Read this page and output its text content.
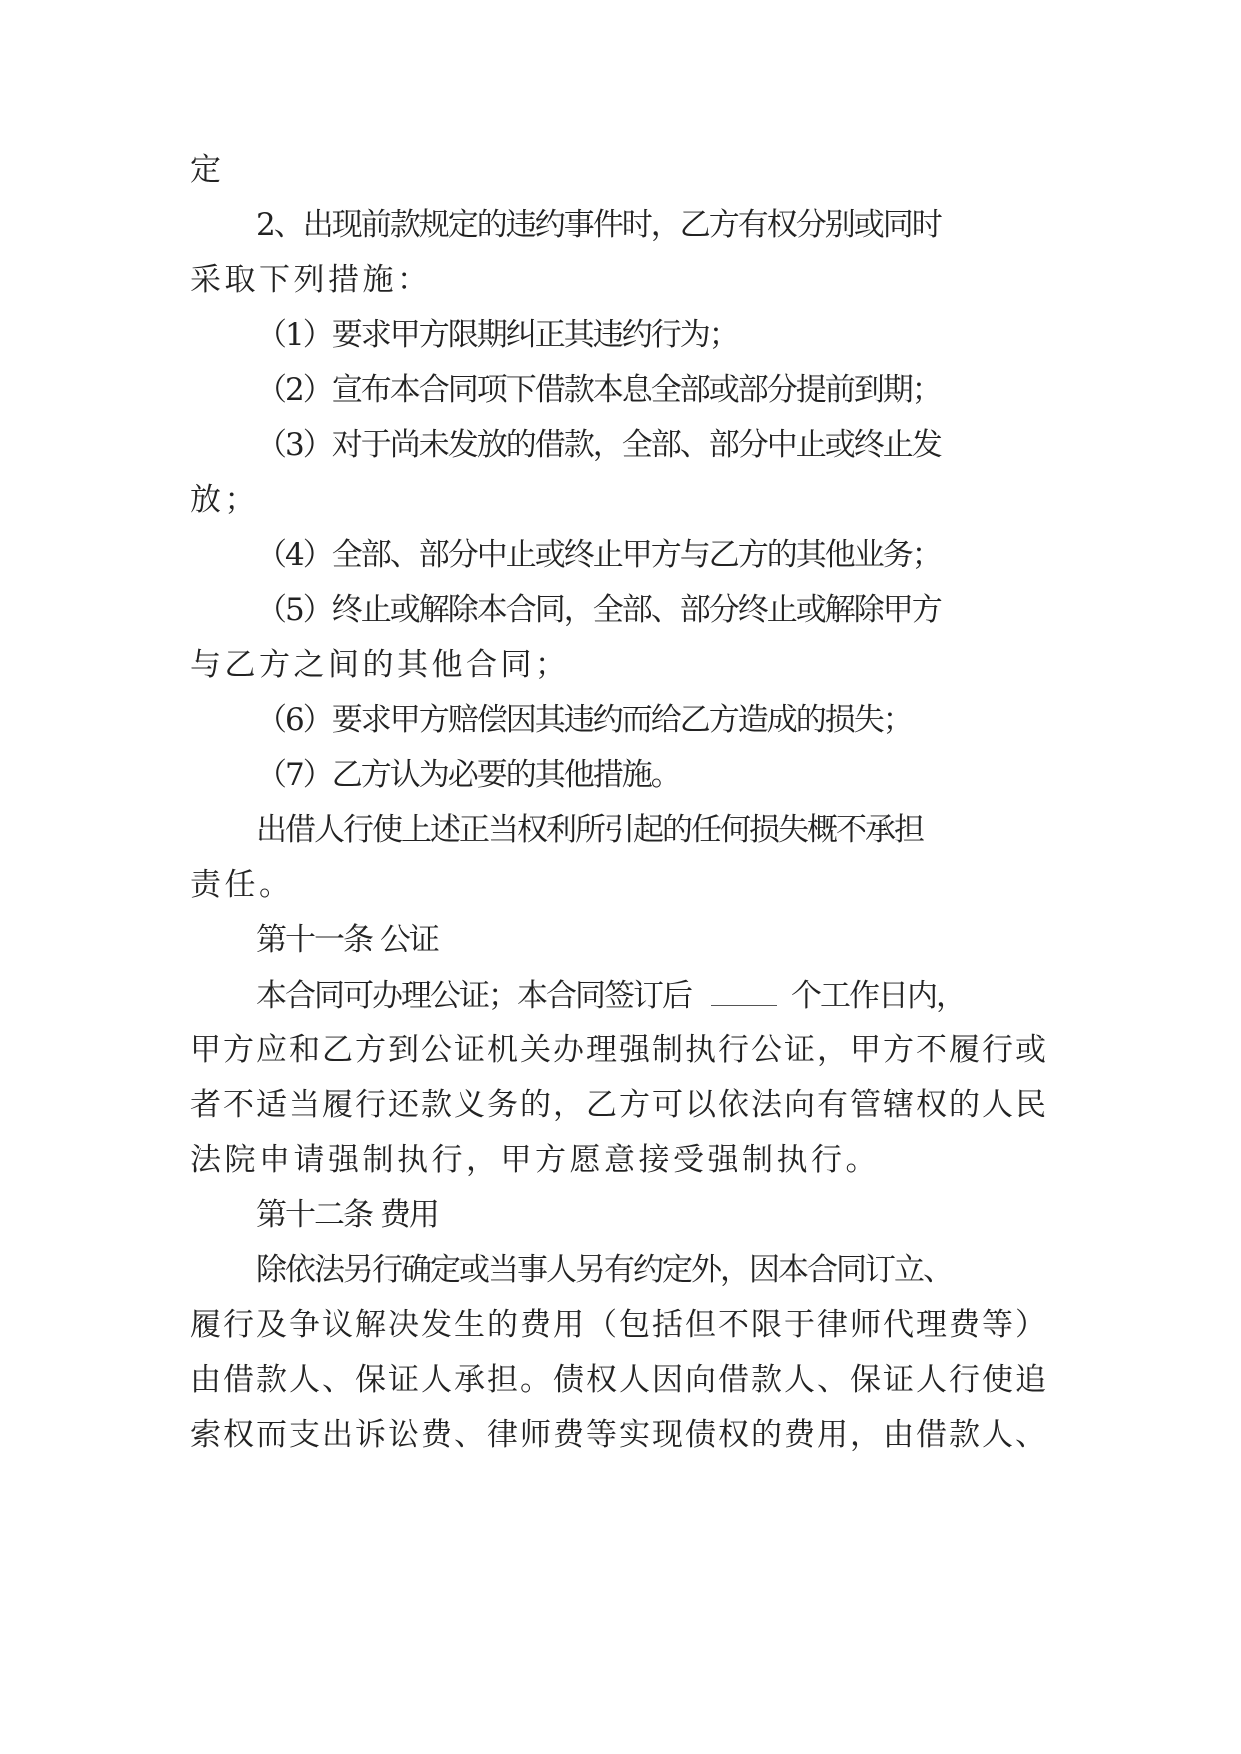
定
2、出现前款规定的违约事件时，乙方有权分别或同时
采取下列措施：
（1）要求甲方限期纠正其违约行为；
（2）宣布本合同项下借款本息全部或部分提前到期；
（3）对于尚未发放的借款，全部、部分中止或终止发
放；
（4）全部、部分中止或终止甲方与乙方的其他业务；
（5）终止或解除本合同，全部、部分终止或解除甲方
与乙方之间的其他合同；
（6）要求甲方赔偿因其违约而给乙方造成的损失；
（7）乙方认为必要的其他措施。
出借人行使上述正当权利所引起的任何损失概不承担
责任。
第十一条 公证
本合同可办理公证；本合同签订后	个工作日内，
甲方应和乙方到公证机关办理强制执行公证，甲方不履行或
者不适当履行还款义务的，乙方可以依法向有管辖权的人民
法院申请强制执行，甲方愿意接受强制执行。
第十二条 费用
除依法另行确定或当事人另有约定外，因本合同订立、
履行及争议解决发生的费用（包括但不限于律师代理费等）
由借款人、保证人承担。债权人因向借款人、保证人行使追
索权而支出诉讼费、律师费等实现债权的费用，由借款人、
